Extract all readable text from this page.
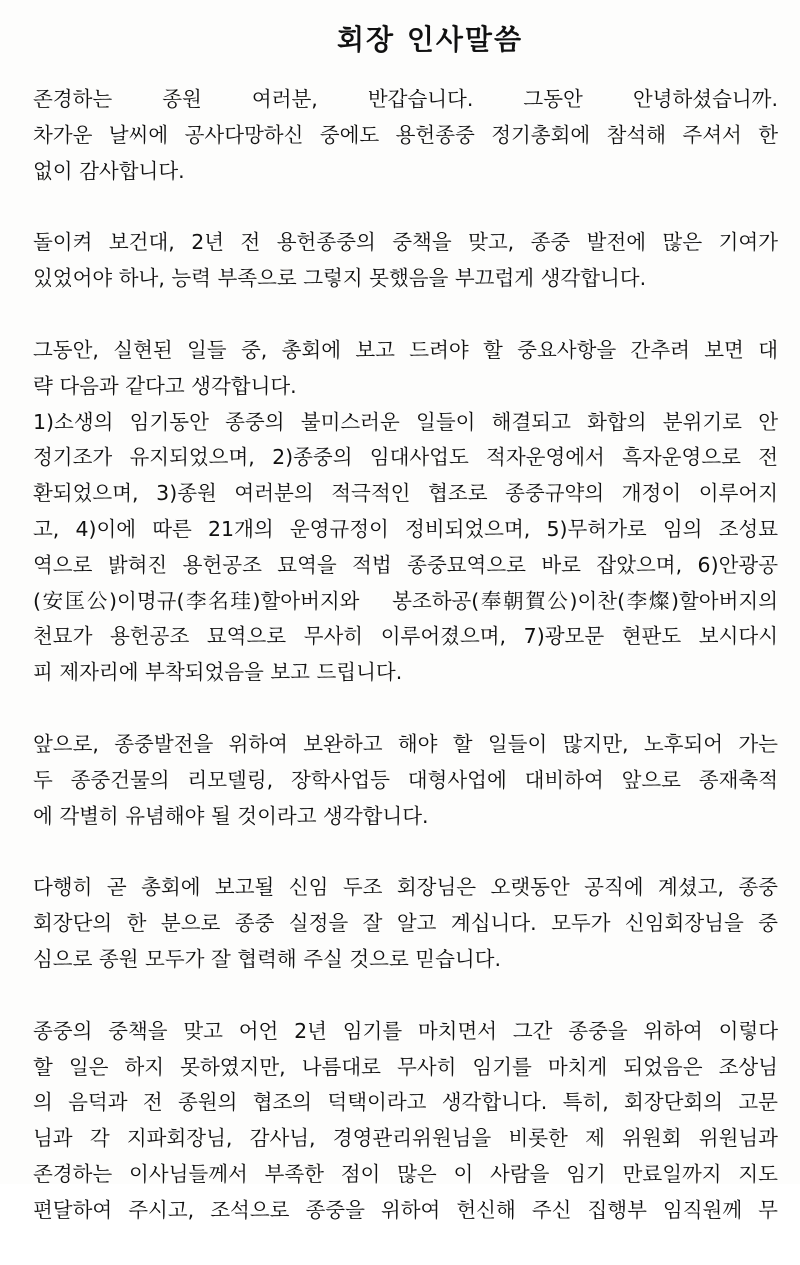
회장 인사말씀
존경하는 종원 여러분, 반갑습니다. 그동안 안녕하셨습니까.
차가운 날씨에 공사다망하신 중에도 용헌종중 정기총회에 참석해 주셔서 한
없이 감사합니다.
돌이켜 보건대, 2년 전 용헌종중의 중책을 맞고, 종중 발전에 많은 기여가
있었어야 하나, 능력 부족으로 그렇지 못했음을 부끄럽게 생각합니다.
그동안, 실현된 일들 중, 총회에 보고 드려야 할 중요사항을 간추려 보면 대
략 다음과 같다고 생각합니다.
1)소생의 임기동안 종중의 불미스러운 일들이 해결되고 화합의 분위기로 안
정기조가 유지되었으며, 2)종중의 임대사업도 적자운영에서 흑자운영으로 전
환되었으며, 3)종원 여러분의 적극적인 협조로 종중규약의 개정이 이루어지
고, 4)이에 따른 21개의 운영규정이 정비되었으며, 5)무허가로 임의 조성묘
역으로 밝혀진 용헌공조 묘역을 적법 종중묘역으로 바로 잡았으며, 6)안광공
(安匡公)이명규(李名珪)할아버지와    봉조하공(奉朝賀公)이찬(李燦)할아버지의
천묘가 용헌공조 묘역으로 무사히 이루어졌으며, 7)광모문 현판도 보시다시
피 제자리에 부착되었음을 보고 드립니다.
앞으로, 종중발전을 위하여 보완하고 해야 할 일들이 많지만, 노후되어 가는
두 종중건물의 리모델링, 장학사업등 대형사업에 대비하여 앞으로 종재축적
에 각별히 유념해야 될 것이라고 생각합니다.
다행히 곧 총회에 보고될 신임 두조 회장님은 오랫동안 공직에 계셨고, 종중
회장단의 한 분으로 종중 실정을 잘 알고 계십니다. 모두가 신임회장님을 중
심으로 종원 모두가 잘 협력해 주실 것으로 믿습니다.
종중의 중책을 맞고 어언 2년 임기를 마치면서 그간 종중을 위하여 이렇다
할 일은 하지 못하였지만, 나름대로 무사히 임기를 마치게 되었음은 조상님
의 음덕과 전 종원의 협조의 덕택이라고 생각합니다. 특히, 회장단회의 고문
님과 각 지파회장님, 감사님, 경영관리위원님을 비롯한 제 위원회 위원님과
존경하는 이사님들께서 부족한 점이 많은 이 사람을 임기 만료일까지 지도
편달하여 주시고, 조석으로 종중을 위하여 헌신해 주신 집행부 임직원께 무
